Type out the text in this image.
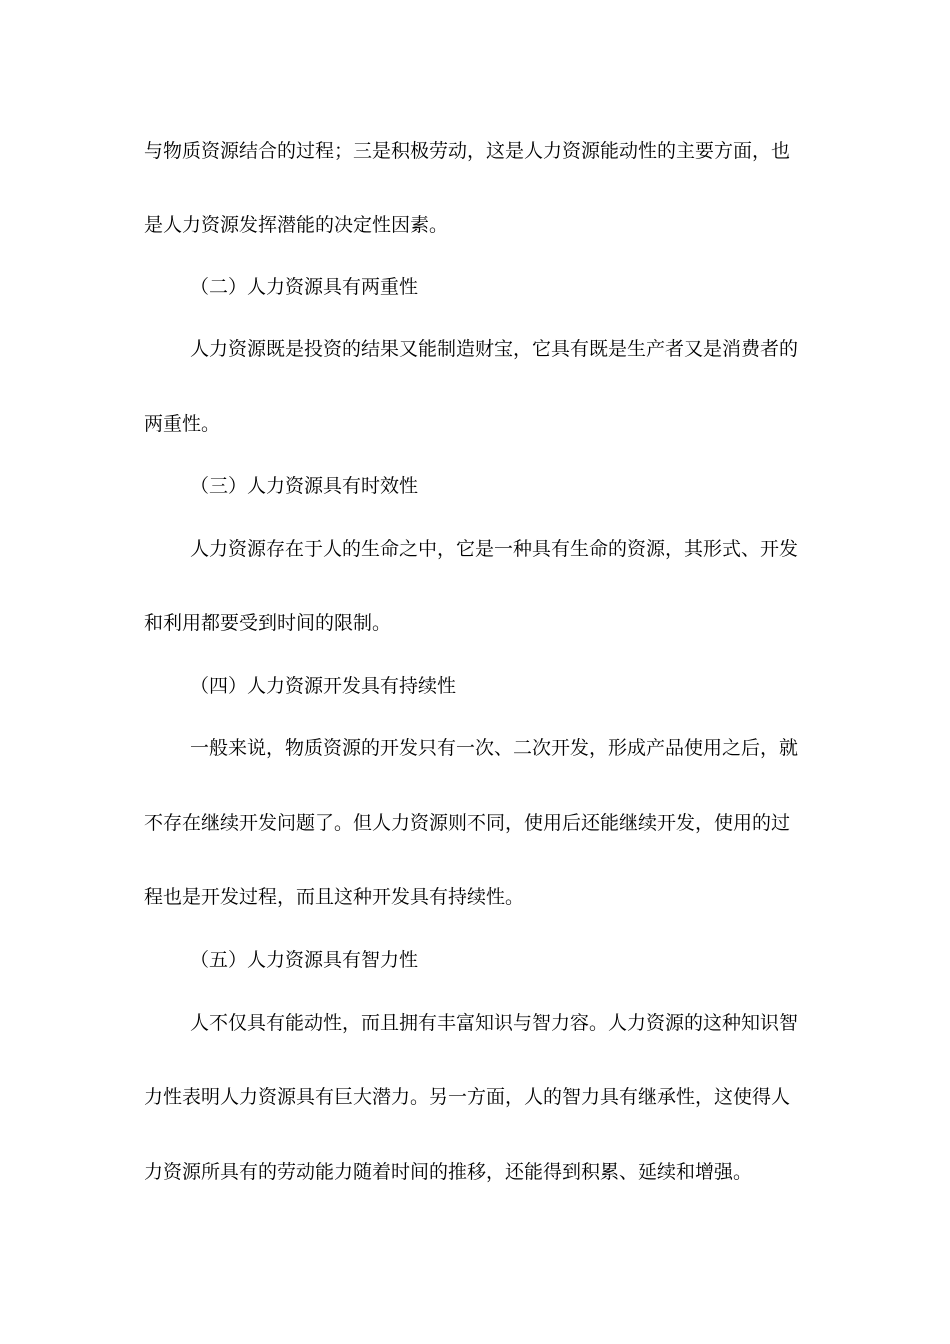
与物质资源结合的过程；三是积极劳动，这是人力资源能动性的主要方面，也
是人力资源发挥潜能的决定性因素。
（二）人力资源具有两重性
人力资源既是投资的结果又能制造财宝，它具有既是生产者又是消费者的
两重性。
（三）人力资源具有时效性
人力资源存在于人的生命之中，它是一种具有生命的资源，其形式、开发
和利用都要受到时间的限制。
（四）人力资源开发具有持续性
一般来说，物质资源的开发只有一次、二次开发，形成产品使用之后，就
不存在继续开发问题了。但人力资源则不同，使用后还能继续开发，使用的过
程也是开发过程，而且这种开发具有持续性。
（五）人力资源具有智力性
人不仅具有能动性，而且拥有丰富知识与智力容。人力资源的这种知识智
力性表明人力资源具有巨大潜力。另一方面，人的智力具有继承性，这使得人
力资源所具有的劳动能力随着时间的推移，还能得到积累、延续和增强。
